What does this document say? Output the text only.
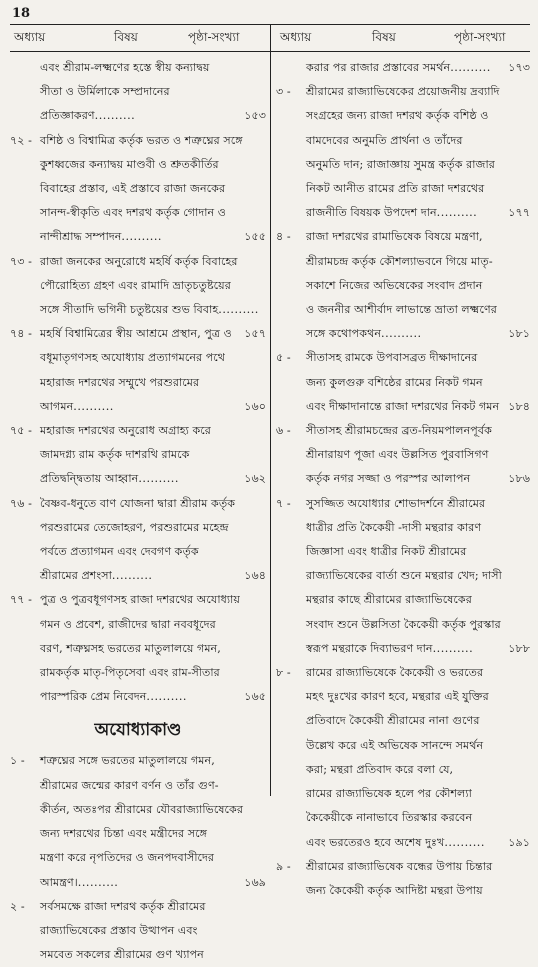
18
অধ্যায়	বিষয়	পৃষ্ঠা-সংখ্যা	অধ্যায়	বিষয়	পৃষ্ঠা-সংখ্যা
এবং শ্রীরাম-লক্ষ্মণের হস্তে স্বীয় কন্যাদ্বয়
সীতা ও উর্মিলাকে সম্প্রদানের প্রতিজ্ঞাকরণ..........	১৫৩
৭২ - বশিষ্ঠ ও বিশ্বামিত্র কর্তৃক ভরত ও শত্রুঘ্নের সঙ্গে
কুশধ্বজের কন্যাদ্বয় মাণ্ডবী ও শ্রুতকীর্তির
বিবাহের প্রস্তাব, এই প্রস্তাবে রাজা জনকের
সানন্দ-স্বীকৃতি এবং দশরথ কর্তৃক গোদান ও
নান্দীশ্রাদ্ধ সম্পাদন..........	১৫৫
৭৩ - রাজা জনকের অনুরোধে মহর্ষি কর্তৃক বিবাহের
পৌরোহিত্য গ্রহণ এবং রামাদি ভ্রাতৃচতুষ্টয়ের
সঙ্গে সীতাদি ভগিনী চতুষ্টয়ের শুভ বিবাহ..........
১৫৭
৭৪ - মহর্ষি বিশ্বামিত্রের স্বীয় আশ্রমে প্রস্থান, পুত্র ও
বধূমাতৃগণসহ অযোধ্যায় প্রত্যাগমনের পথে
মহারাজ দশরথের সম্মুখে পরশুরামের আগমন..........	১৬০
৭৫ - মহারাজ দশরথের অনুরোধ অগ্রাহ্য করে
জামদগ্ন্য রাম কর্তৃক দাশরথি রামকে
প্রতিদ্বন্দ্বিতায় আহ্বান..........	১৬২
৭৬ - বৈষ্ণব-ধনুতে বাণ যোজনা দ্বারা শ্রীরাম কর্তৃক
পরশুরামের তেজোহরণ, পরশুরামের মহেন্দ্র
পর্বতে প্রত্যাগমন এবং দেবগণ কর্তৃক
শ্রীরামের প্রশংসা..........	১৬৪
৭৭ - পুত্র ও পুত্রবধূগণসহ রাজা দশরথের অযোধ্যায়
গমন ও প্রবেশ, রাজীদের দ্বারা নববধূদের
বরণ, শত্রুঘ্নসহ ভরতের মাতুলালয়ে গমন,
রামকর্তৃক মাতৃ-পিতৃসেবা এবং রাম-সীতার
পারস্পরিক প্রেম নিবেদন..........	১৬৫
অযোধ্যাকাণ্ড
১ -	শত্রুঘ্নের সঙ্গে ভরতের মাতুলালয়ে গমন,
শ্রীরামের জন্মের কারণ বর্ণন ও তাঁর গুণ-
কীর্তন, অতঃপর শ্রীরামের যৌবরাজ্যাভিষেকের
জন্য দশরথের চিন্তা এবং মন্ত্রীদের সঙ্গে
মন্ত্রণা করে নৃপতিদের ও জনপদবাসীদের আমন্ত্রণ।..........	১৬৯
২ -	সর্বসমক্ষে রাজা দশরথ কর্তৃক শ্রীরামের
রাজ্যাভিষেকের প্রস্তাব উত্থাপন এবং
সমবেত সকলের শ্রীরামের গুণ খ্যাপন
করার পর রাজার প্রস্তাবের সমর্থন.......... ১৭৩
৩ -	শ্রীরামের রাজ্যাভিষেকের প্রয়োজনীয় দ্রব্যাদি
সংগ্রহের জন্য রাজা দশরথ কর্তৃক বশিষ্ঠ ও
বামদেবের অনুমতি প্রার্থনা ও তাঁদের
অনুমতি দান; রাজাজ্ঞায় সুমন্ত্র কর্তৃক রাজার
নিকট আনীত রামের প্রতি রাজা দশরথের
রাজনীতি বিষয়ক উপদেশ দান..........	১৭৭
৪ -	রাজা দশরথের রামাভিষেক বিষয়ে মন্ত্রণা,
শ্রীরামচন্দ্র কর্তৃক কৌশল্যাভবনে গিয়ে মাতৃ-
সকাশে নিজের অভিষেকের সংবাদ প্রদান
ও জননীর আশীর্বাদ লাভান্তে ভ্রাতা লক্ষ্মণের
সঙ্গে কথোপকথন..........	১৮১
৫ -	সীতাসহ রামকে উপবাসব্রত দীক্ষাদানের
জন্য কুলগুরু বশিষ্ঠের রামের নিকট গমন
এবং দীক্ষাদানান্তে রাজা দশরথের নিকট গমন ১৮৪
৬ -	সীতাসহ শ্রীরামচন্দ্রের ব্রত-নিয়মপালনপূর্বক
শ্রীনারায়ণ পূজা এবং উল্লসিত পুরবাসিগণ
কর্তৃক নগর সজ্জা ও পরস্পর আলাপন	১৮৬
৭ -	সুসজ্জিত অযোধ্যার শোভাদর্শনে শ্রীরামের
ধাত্রীর প্রতি কৈকেয়ী -দাসী মন্থরার কারণ
জিজ্ঞাসা এবং ধাত্রীর নিকট শ্রীরামের
রাজ্যাভিষেকের বার্তা শুনে মন্থরার খেদ; দাসী
মন্থরার কাছে শ্রীরামের রাজ্যাভিষেকের
সংবাদ শুনে উল্লসিতা কৈকেয়ী কর্তৃক পুরস্কার
স্বরূপ মন্থরাকে দিব্যাভরণ দান..........	১৮৮
৮ -	রামের রাজ্যাভিষেকে কৈকেয়ী ও ভরতের
মহৎ দুঃখের কারণ হবে, মন্থরার এই যুক্তির
প্রতিবাদে কৈকেয়ী শ্রীরামের নানা গুণের
উল্লেখ করে এই অভিষেক সানন্দে সমর্থন
করা; মন্থরা প্রতিবাদ করে বলা যে,
রামের রাজ্যাভিষেক হলে পর কৌশল্যা
কৈকেয়ীকে নানাভাবে তিরস্কার করবেন
এবং ভরতেরও হবে অশেষ দুঃখ.......... ১৯১
৯ -	শ্রীরামের রাজ্যাভিষেক বন্ধের উপায় চিন্তার
জন্য কৈকেয়ী কর্তৃক আদিষ্টা মন্থরা উপায়
